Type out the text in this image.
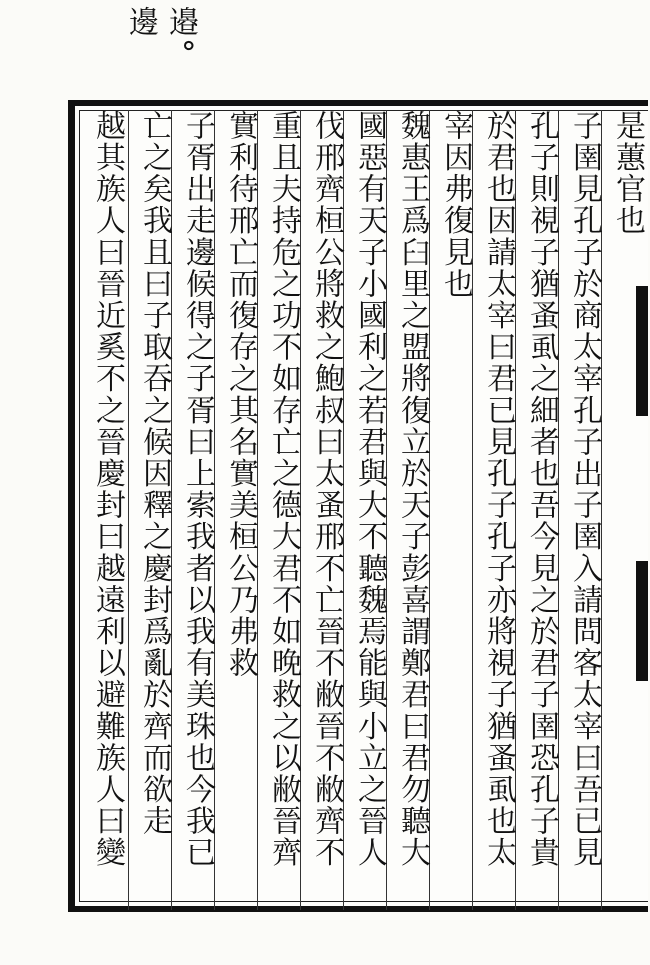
邉°邊
是蕙官也
子圉見孔子於商太宰孔子出子圉入請問客太宰曰吾已見
孔子則視子猶蚤虱之細者也吾今見之於君子圉恐孔子貴
於君也因請太宰曰君已見孔子孔子亦將視子猶蚤虱也太
宰因弗復見也
魏惠王爲臼里之盟將復立於天子彭喜謂鄭君曰君勿聽大
國惡有天子小國利之若君與大不聽魏焉能與小立之晉人
伐邢齊桓公將救之鮑叔曰太蚤邢不亡晉不敝晉不敝齊不
重且夫持危之功不如存亡之德大君不如晚救之以敝晉齊
實利待邢亡而復存之其名實美桓公乃弗救
子胥出走邊候得之子胥曰上索我者以我有美珠也今我已
亡之矣我且曰子取吞之候因釋之慶封爲亂於齊而欲走
越其族人曰晉近奚不之晉慶封曰越遠利以避難族人曰變
